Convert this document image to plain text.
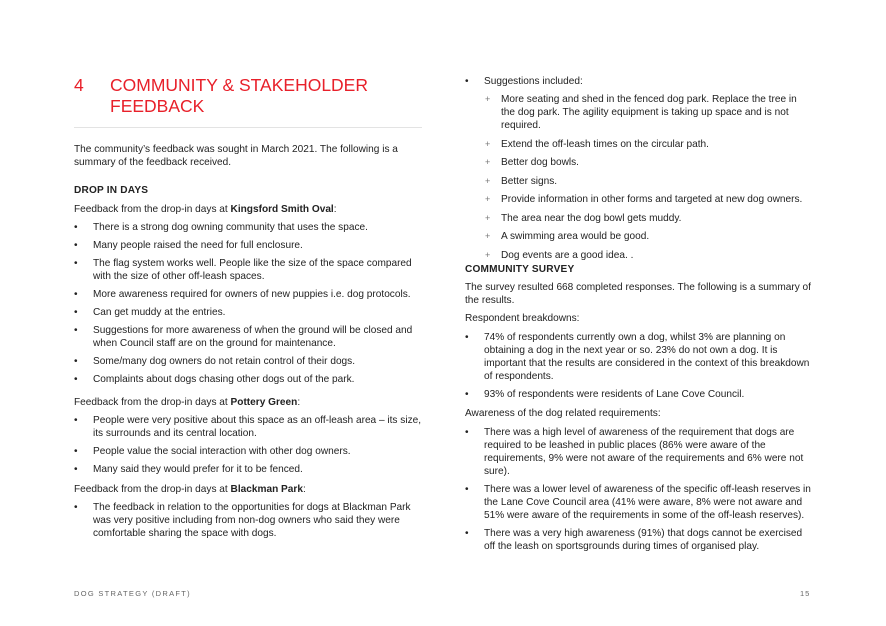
4 COMMUNITY & STAKEHOLDER FEEDBACK

The community’s feedback was sought in March 2021. The following is a summary of the feedback received.

DROP IN DAYS

Feedback from the drop-in days at Kingsford Smith Oval:

• There is a strong dog owning community that uses the space.
• Many people raised the need for full enclosure.
• The flag system works well. People like the size of the space compared with the size of other off-leash spaces.
• More awareness required for owners of new puppies i.e. dog protocols.
• Can get muddy at the entries.
• Suggestions for more awareness of when the ground will be closed and when Council staff are on the ground for maintenance.
• Some/many dog owners do not retain control of their dogs.
• Complaints about dogs chasing other dogs out of the park.

Feedback from the drop-in days at Pottery Green:

• People were very positive about this space as an off-leash area – its size, its surrounds and its central location.
• People value the social interaction with other dog owners.
• Many said they would prefer for it to be fenced.

Feedback from the drop-in days at Blackman Park:

• The feedback in relation to the opportunities for dogs at Blackman Park was very positive including from non-dog owners who said they were comfortable sharing the space with dogs.
• Suggestions included:
+ More seating and shed in the fenced dog park. Replace the tree in the dog park. The agility equipment is taking up space and is not required.
+ Extend the off-leash times on the circular path.
+ Better dog bowls.
+ Better signs.
+ Provide information in other forms and targeted at new dog owners.
+ The area near the dog bowl gets muddy.
+ A swimming area would be good.
+ Dog events are a good idea. .

COMMUNITY SURVEY

The survey resulted 668 completed responses. The following is a summary of the results.

Respondent breakdowns:

• 74% of respondents currently own a dog, whilst 3% are planning on obtaining a dog in the next year or so. 23% do not own a dog. It is important that the results are considered in the context of this breakdown of respondents.
• 93% of respondents were residents of Lane Cove Council.

Awareness of the dog related requirements:

• There was a high level of awareness of the requirement that dogs are required to be leashed in public places (86% were aware of the requirements, 9% were not aware of the requirements and 6% were not sure).
• There was a lower level of awareness of the specific off-leash reserves in the Lane Cove Council area (41% were aware, 8% were not aware and 51% were aware of the requirements in some of the off-leash reserves).
• There was a very high awareness (91%) that dogs cannot be exercised off the leash on sportsgrounds during times of organised play.
DOG STRATEGY (DRAFT)	15
